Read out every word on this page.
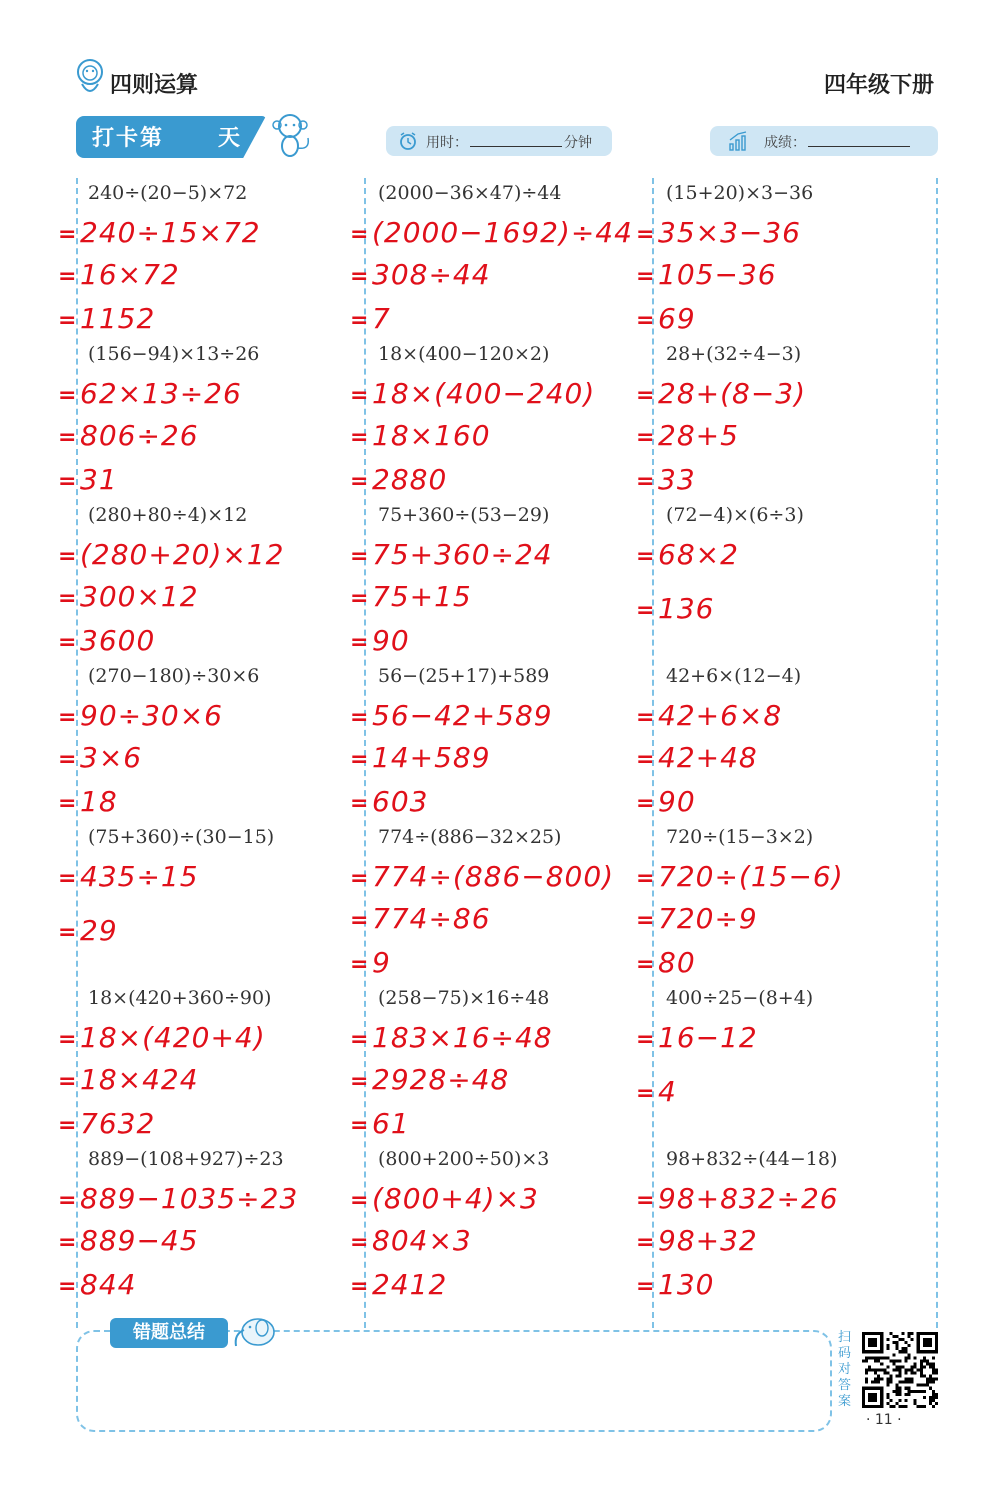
四则运算	四年级下册
打卡第 天	用时：	分钟	成绩：
240÷(20−5)×72
= 240÷15×72
= 16×72
= 1152
(2000−36×47)÷44
= (2000−1692)÷44
= 308÷44
= 7
(15+20)×3−36
= 35×3−36
= 105−36
= 69
(156−94)×13÷26
= 62×13÷26
= 806÷26
= 31
18×(400−120×2)
= 18×(400−240)
= 18×160
= 2880
28+(32÷4−3)
= 28+(8−3)
= 28+5
= 33
(280+80÷4)×12
= (280+20)×12
= 300×12
= 3600
75+360÷(53−29)
= 75+360÷24
= 75+15
= 90
(72−4)×(6÷3)
= 68×2
= 136
(270−180)÷30×6
= 90÷30×6
= 3×6
= 18
56−(25+17)+589
= 56−42+589
= 14+589
= 603
42+6×(12−4)
= 42+6×8
= 42+48
= 90
(75+360)÷(30−15)
= 435÷15
= 29
774÷(886−32×25)
= 774÷(886−800)
= 774÷86
= 9
720÷(15−3×2)
= 720÷(15−6)
= 720÷9
= 80
18×(420+360÷90)
= 18×(420+4)
= 18×424
= 7632
(258−75)×16÷48
= 183×16÷48
= 2928÷48
= 61
400÷25−(8+4)
= 16−12
= 4
889−(108+927)÷23
= 889−1035÷23
= 889−45
= 844
(800+200÷50)×3
= (800+4)×3
= 804×3
= 2412
98+832÷(44−18)
= 98+832÷26
= 98+32
= 130
错题总结	扫码对答案
· 11 ·
